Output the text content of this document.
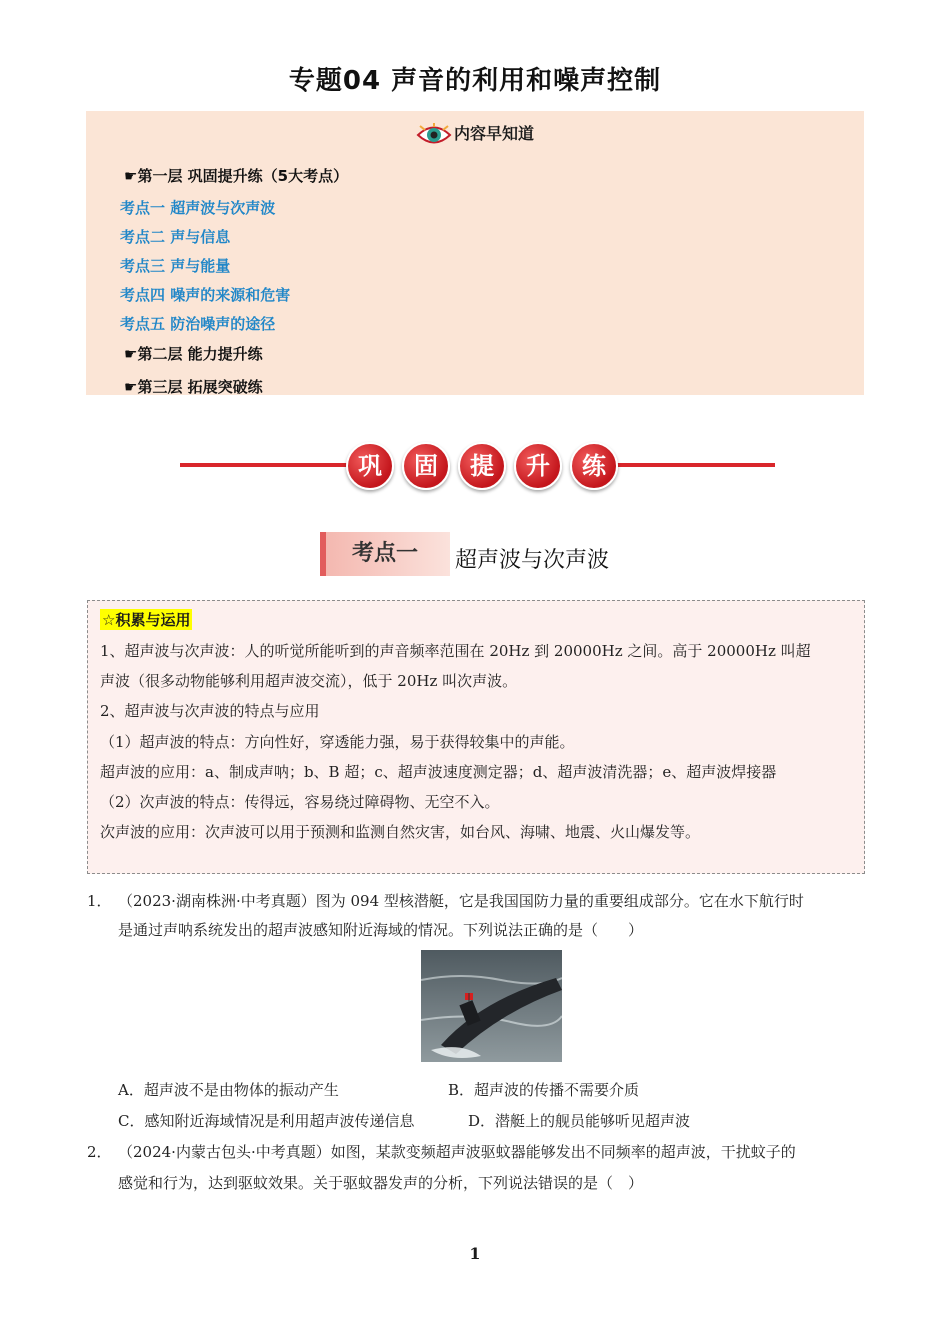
专题04 声音的利用和噪声控制
内容早知道
☛第一层 巩固提升练（5大考点）
考点一 超声波与次声波
考点二 声与信息
考点三 声与能量
考点四 噪声的来源和危害
考点五 防治噪声的途径
☛第二层 能力提升练
☛第三层 拓展突破练
巩	固	提	升	练
考点一	超声波与次声波
☆积累与运用
1、超声波与次声波：人的听觉所能听到的声音频率范围在 20Hz 到 20000Hz 之间。高于 20000Hz 叫超
声波（很多动物能够利用超声波交流），低于 20Hz 叫次声波。
2、超声波与次声波的特点与应用
（1）超声波的特点：方向性好，穿透能力强，易于获得较集中的声能。
超声波的应用：a、制成声呐；b、B 超；c、超声波速度测定器；d、超声波清洗器；e、超声波焊接器
（2）次声波的特点：传得远，容易绕过障碍物、无空不入。
次声波的应用：次声波可以用于预测和监测自然灾害，如台风、海啸、地震、火山爆发等。
1． （2023·湖南株洲·中考真题）图为 094 型核潜艇，它是我国国防力量的重要组成部分。它在水下航行时
是通过声呐系统发出的超声波感知附近海域的情况。下列说法正确的是（　　）
A．超声波不是由物体的振动产生	B．超声波的传播不需要介质
C．感知附近海域情况是利用超声波传递信息	D．潜艇上的舰员能够听见超声波
2． （2024·内蒙古包头·中考真题）如图，某款变频超声波驱蚊器能够发出不同频率的超声波，干扰蚊子的
感觉和行为，达到驱蚊效果。关于驱蚊器发声的分析，下列说法错误的是（　）
1
